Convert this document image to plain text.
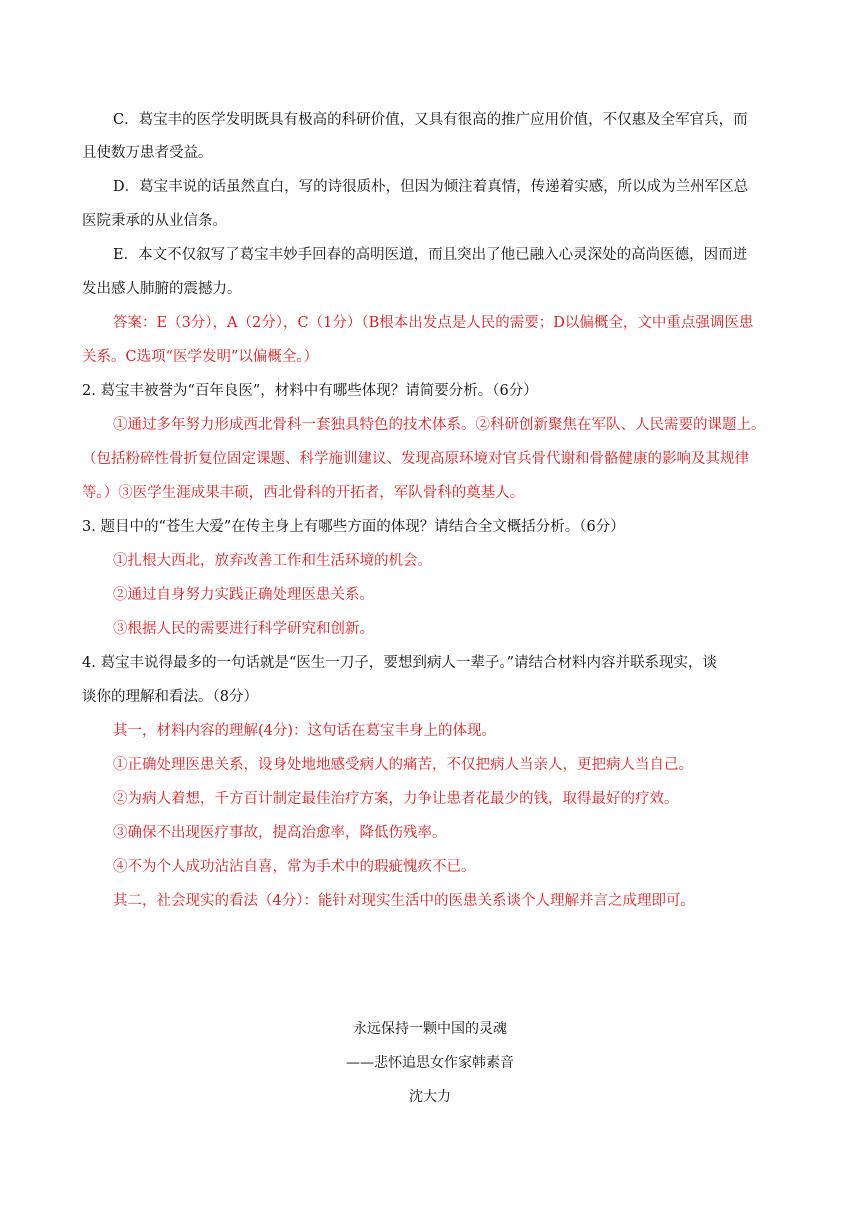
C．葛宝丰的医学发明既具有极高的科研价值，又具有很高的推广应用价值，不仅惠及全军官兵，而
且使数万患者受益。
D．葛宝丰说的话虽然直白，写的诗很质朴，但因为倾注着真情，传递着实感，所以成为兰州军区总
医院秉承的从业信条。
E．本文不仅叙写了葛宝丰妙手回春的高明医道，而且突出了他已融入心灵深处的高尚医德，因而迸
发出感人肺腑的震撼力。
答案：E（3分），A（2分），C（1分）（B根本出发点是人民的需要；D以偏概全，文中重点强调医患
关系。C选项“医学发明”以偏概全。）
2. 葛宝丰被誉为“百年良医”，材料中有哪些体现？请简要分析。（6分）
①通过多年努力形成西北骨科一套独具特色的技术体系。②科研创新聚焦在军队、人民需要的课题上。
（包括粉碎性骨折复位固定课题、科学施训建议、发现高原环境对官兵骨代谢和骨骼健康的影响及其规律
等。）③医学生涯成果丰硕，西北骨科的开拓者，军队骨科的奠基人。
3. 题目中的“苍生大爱”在传主身上有哪些方面的体现？请结合全文概括分析。（6分）
①扎根大西北，放弃改善工作和生活环境的机会。
②通过自身努力实践正确处理医患关系。
③根据人民的需要进行科学研究和创新。
4. 葛宝丰说得最多的一句话就是“医生一刀子，要想到病人一辈子。”请结合材料内容并联系现实，谈
谈你的理解和看法。（8分）
其一，材料内容的理解(4分)：这句话在葛宝丰身上的体现。
①正确处理医患关系，设身处地地感受病人的痛苦，不仅把病人当亲人，更把病人当自己。
②为病人着想，千方百计制定最佳治疗方案，力争让患者花最少的钱，取得最好的疗效。
③确保不出现医疗事故，提高治愈率，降低伤残率。
④不为个人成功沾沾自喜，常为手术中的瑕疵愧疚不已。
其二，社会现实的看法（4分）：能针对现实生活中的医患关系谈个人理解并言之成理即可。
永远保持一颗中国的灵魂
——悲怀追思女作家韩素音
沈大力
